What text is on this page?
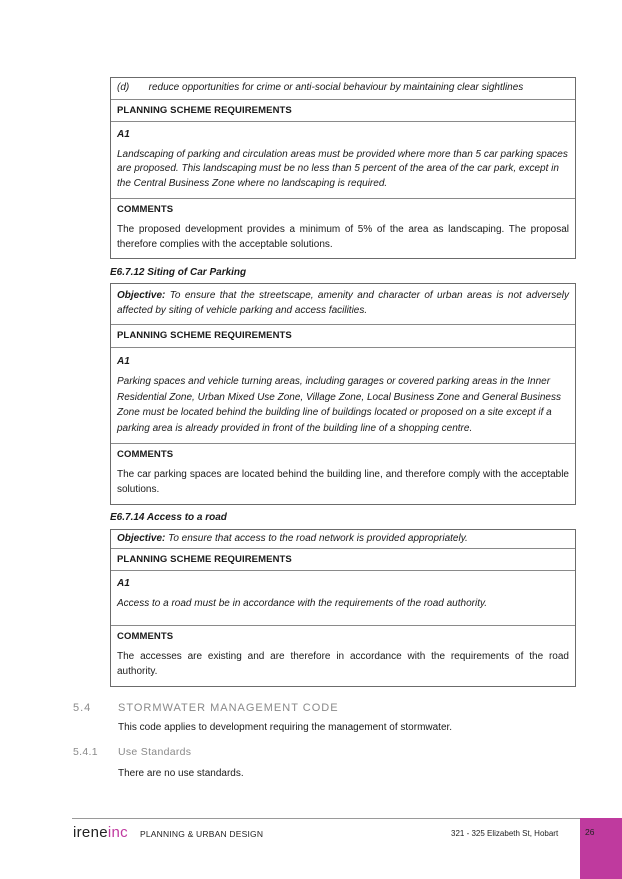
(d)       reduce opportunities for crime or anti-social behaviour by maintaining clear sightlines
PLANNING SCHEME REQUIREMENTS
A1
Landscaping of parking and circulation areas must be provided where more than 5 car parking spaces are proposed. This landscaping must be no less than 5 percent of the area of the car park, except in the Central Business Zone where no landscaping is required.
COMMENTS
The proposed development provides a minimum of 5% of the area as landscaping. The proposal therefore complies with the acceptable solutions.
E6.7.12 Siting of Car Parking
Objective: To ensure that the streetscape, amenity and character of urban areas is not adversely affected by siting of vehicle parking and access facilities.
PLANNING SCHEME REQUIREMENTS
A1
Parking spaces and vehicle turning areas, including garages or covered parking areas in the Inner Residential Zone, Urban Mixed Use Zone, Village Zone, Local Business Zone and General Business Zone must be located behind the building line of buildings located or proposed on a site except if a parking area is already provided in front of the building line of a shopping centre.
COMMENTS
The car parking spaces are located behind the building line, and therefore comply with the acceptable solutions.
E6.7.14 Access to a road
Objective: To ensure that access to the road network is provided appropriately.
PLANNING SCHEME REQUIREMENTS
A1
Access to a road must be in accordance with the requirements of the road authority.
COMMENTS
The accesses are existing and are therefore in accordance with the requirements of the road authority.
5.4 STORMWATER MANAGEMENT CODE
This code applies to development requiring the management of stormwater.
5.4.1 Use Standards
There are no use standards.
ireneinc PLANNING & URBAN DESIGN	321 - 325 Elizabeth St, Hobart	26
